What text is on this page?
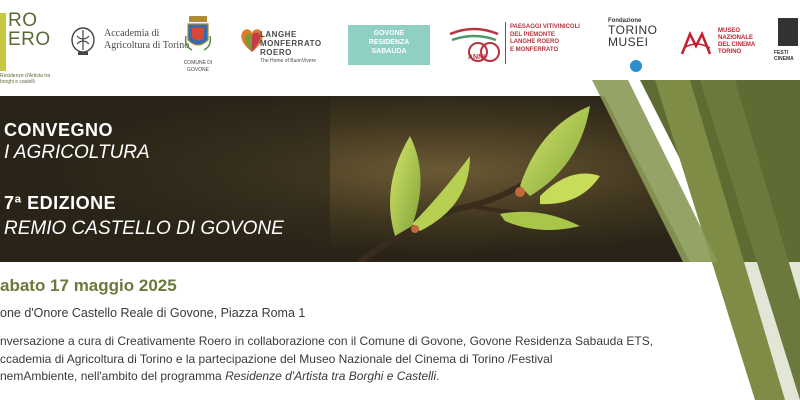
RO
ERO
Residenze d'Artista tra borghi e castelli
Accademia di Agricoltura di Torino
COMUNE DI GOVONE
LANGHE
MONFERRATO
ROERO
The Home of BuonVivere
GOVONE
RESIDENZA
SABAUDA
ANNI
PAESAGGI VITIVINICOLI
DEL PIEMONTE
LANGHE ROERO
E MONFERRATO
Fondazione
TORINO
MUSEI
MUSEO
NAZIONALE
DEL CINEMA
TORINO	FESTI
CINEMA
CONVEGNO
I AGRICOLTURA
7ª EDIZIONE
REMIO CASTELLO DI GOVONE
abato 17 maggio 2025
one d'Onore Castello Reale di Govone, Piazza Roma 1
nversazione a cura di Creativamente Roero in collaborazione con il Comune di Govone, Govone Residenza Sabauda ETS,
ccademia di Agricoltura di Torino e la partecipazione del Museo Nazionale del Cinema di Torino /Festival
nemAmbiente, nell'ambito del programma Residenze d'Artista tra Borghi e Castelli.
